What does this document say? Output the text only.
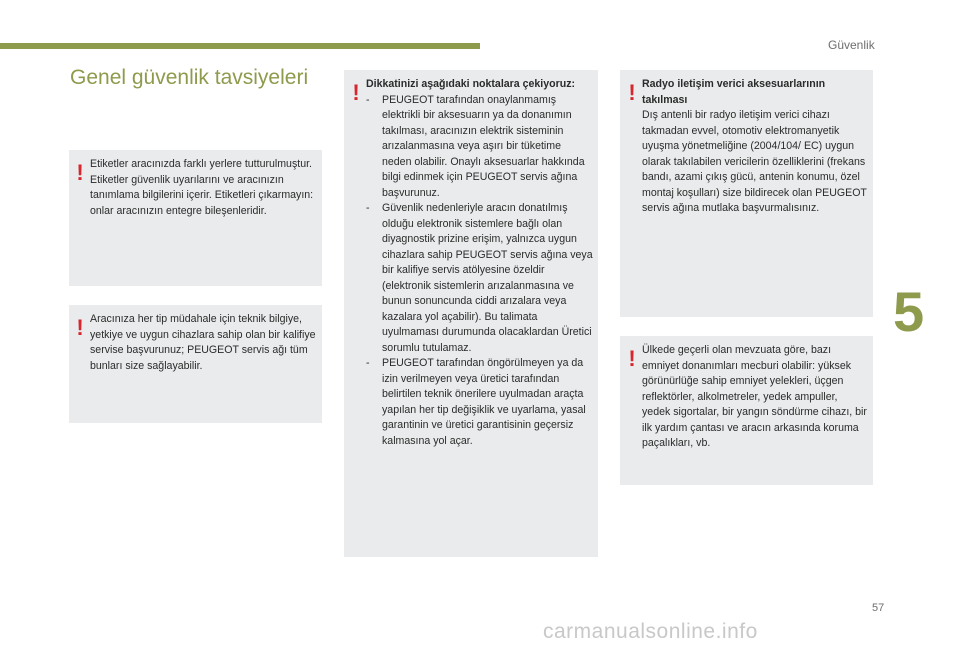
Güvenlik
5
Genel güvenlik tavsiyeleri
! Etiketler aracınızda farklı yerlere tutturulmuştur. Etiketler güvenlik uyarılarını ve aracınızın tanımlama bilgilerini içerir. Etiketleri çıkarmayın: onlar aracınızın entegre bileşenleridir.

! Aracınıza her tip müdahale için teknik bilgiye, yetkiye ve uygun cihazlara sahip olan bir kalifiye servise başvurunuz; PEUGEOT servis ağı tüm bunları size sağlayabilir.

! Dikkatinizi aşağıdaki noktalara çekiyoruz:

- PEUGEOT tarafından onaylanmamış elektrikli bir aksesuarın ya da donanımın takılması, aracınızın elektrik sisteminin arızalanmasına veya aşırı bir tüketime neden olabilir. Onaylı aksesuarlar hakkında bilgi edinmek için PEUGEOT servis ağına başvurunuz.
- Güvenlik nedenleriyle aracın donatılmış olduğu elektronik sistemlere bağlı olan diyagnostik prizine erişim, yalnızca uygun cihazlara sahip PEUGEOT servis ağına veya bir kalifiye servis atölyesine özeldir (elektronik sistemlerin arızalanmasına ve bunun sonuncunda ciddi arızalara veya kazalara yol açabilir). Bu talimata uyulmaması durumunda olacaklardan Üretici sorumlu tutulamaz.
- PEUGEOT tarafından öngörülmeyen ya da izin verilmeyen veya üretici tarafından belirtilen teknik önerilere uyulmadan araçta yapılan her tip değişiklik ve uyarlama, yasal garantinin ve üretici garantisinin geçersiz kalmasına yol açar.
! Radyo iletişim verici aksesuarlarının takılması

Dış antenli bir radyo iletişim verici cihazı takmadan evvel, otomotiv elektromanyetik uyuşma yönetmeliğine (2004/104/ EC) uygun olarak takılabilen vericilerin özelliklerini (frekans bandı, azami çıkış gücü, antenin konumu, özel montaj koşulları) size bildirecek olan PEUGEOT servis ağına mutlaka başvurmalısınız.

! Ülkede geçerli olan mevzuata göre, bazı emniyet donanımları mecburi olabilir: yüksek görünürlüğe sahip emniyet yelekleri, üçgen reflektörler, alkolmetreler, yedek ampuller, yedek sigortalar, bir yangın söndürme cihazı, bir ilk yardım çantası ve aracın arkasında koruma paçalıkları, vb.

57
carmanualsonline.info
